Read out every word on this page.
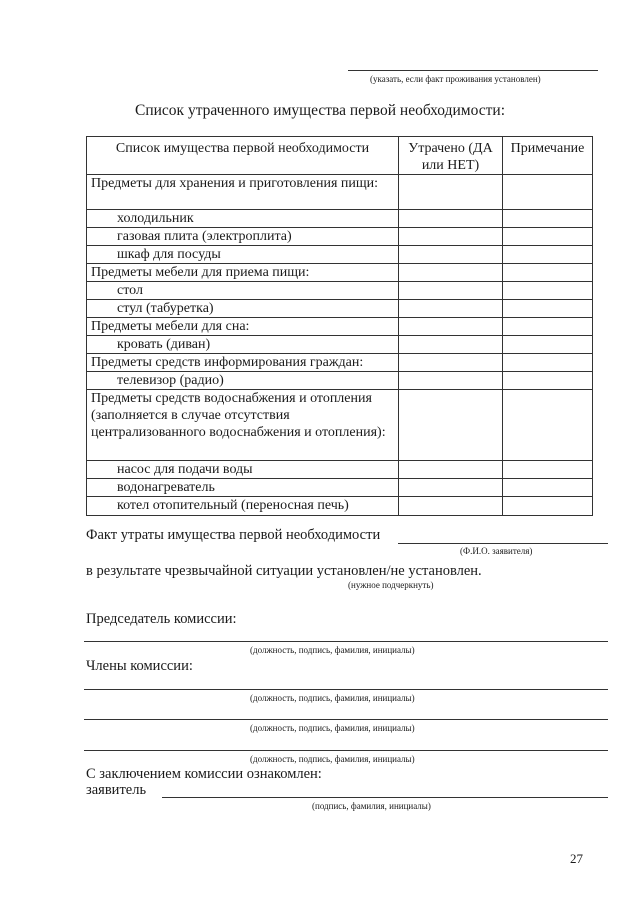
(указать, если факт проживания установлен)
Список утраченного имущества первой необходимости:
Список имущества первой необходимости	Утрачено (ДА или НЕТ)	Примечание
Предметы для хранения и приготовления пищи:		
холодильник		
газовая плита (электроплита)		
шкаф для посуды		
Предметы мебели для приема пищи:		
стол		
стул (табуретка)		
Предметы мебели для сна:		
кровать (диван)		
Предметы средств информирования граждан:		
телевизор (радио)		
Предметы средств водоснабжения и отопления (заполняется в случае отсутствия централизованного водоснабжения и отопления):		
насос для подачи воды		
водонагреватель		
котел отопительный (переносная печь)		
Факт утраты имущества первой необходимости
(Ф.И.О. заявителя)
в результате чрезвычайной ситуации установлен/не установлен.
(нужное подчеркнуть)
Председатель комиссии:
(должность, подпись, фамилия, инициалы)
Члены комиссии:
(должность, подпись, фамилия, инициалы)
(должность, подпись, фамилия, инициалы)
(должность, подпись, фамилия, инициалы)
С заключением комиссии ознакомлен:
заявитель
(подпись, фамилия, инициалы)
27
